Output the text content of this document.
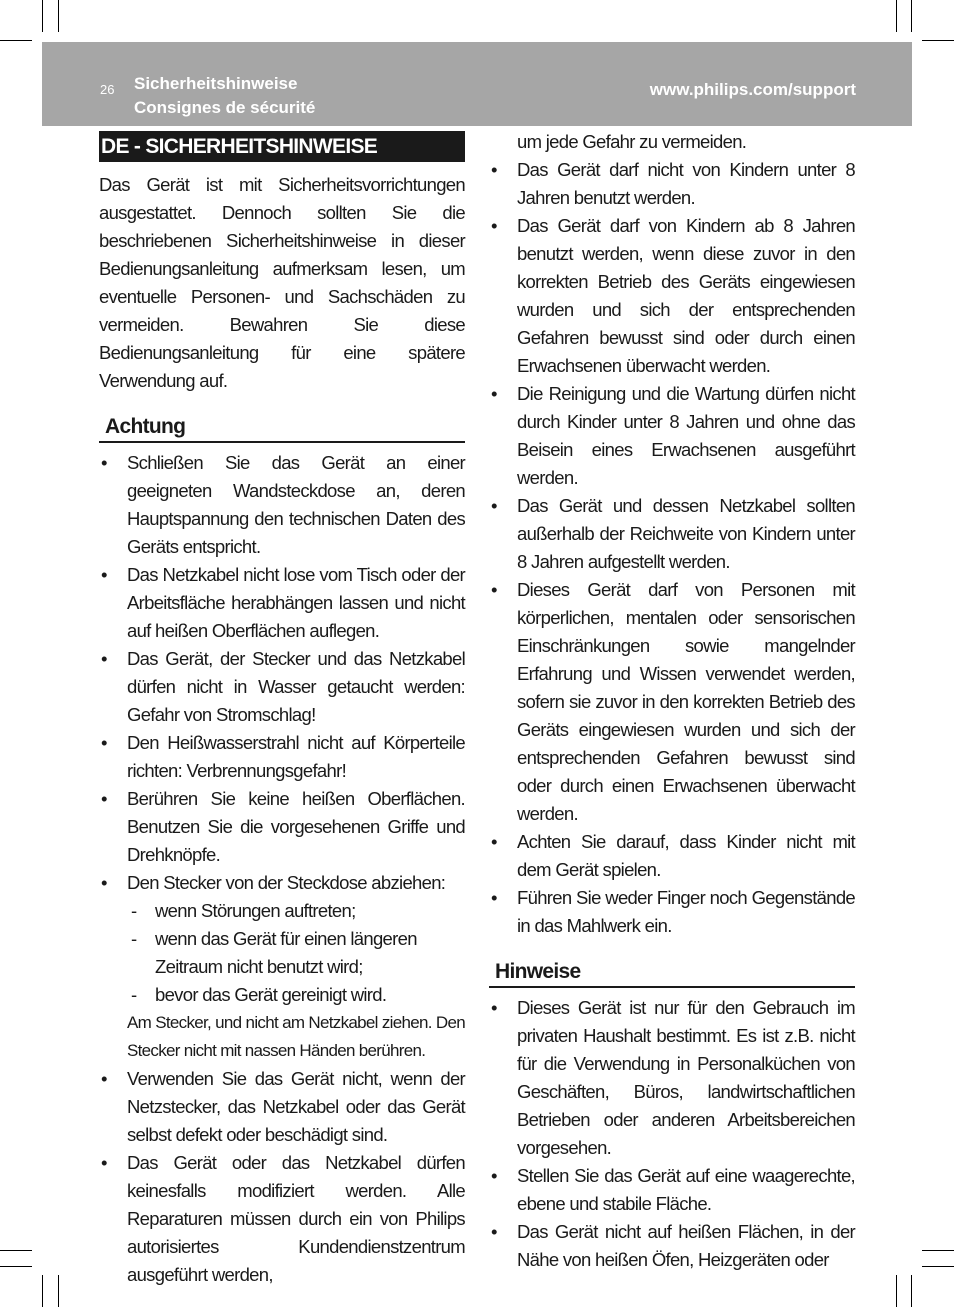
26 Sicherheitshinweise
Consignes de sécurité
www.philips.com/support
DE - SICHERHEITSHINWEISE

Das Gerät ist mit Sicherheitsvorrichtungen ausgestattet. Dennoch sollten Sie die beschriebenen Sicherheitshinweise in dieser Bedienungsanleitung aufmerksam lesen, um eventuelle Personen- und Sachschäden zu vermeiden. Bewahren Sie diese Bedienungsanleitung für eine spätere Verwendung auf.

Achtung
• Schließen Sie das Gerät an einer geeigneten Wandsteckdose an, deren Hauptspannung den technischen Daten des Geräts entspricht.
• Das Netzkabel nicht lose vom Tisch oder der Arbeitsfläche herabhängen lassen und nicht auf heißen Oberflächen auflegen.
• Das Gerät, der Stecker und das Netzkabel dürfen nicht in Wasser getaucht werden: Gefahr von Stromschlag!
• Den Heißwasserstrahl nicht auf Körperteile richten: Verbrennungsgefahr!
• Berühren Sie keine heißen Oberflächen. Benutzen Sie die vorgesehenen Griffe und Drehknöpfe.
• Den Stecker von der Steckdose abziehen:
- wenn Störungen auftreten;
- wenn das Gerät für einen längeren Zeitraum nicht benutzt wird;
- bevor das Gerät gereinigt wird.
Am Stecker, und nicht am Netzkabel ziehen. Den Stecker nicht mit nassen Händen berühren.
• Verwenden Sie das Gerät nicht, wenn der Netzstecker, das Netzkabel oder das Gerät selbst defekt oder beschädigt sind.
• Das Gerät oder das Netzkabel dürfen keinesfalls modifiziert werden. Alle Reparaturen müssen durch ein von Philips autorisiertes Kundendienstzentrum ausgeführt werden,
um jede Gefahr zu vermeiden.
• Das Gerät darf nicht von Kindern unter 8 Jahren benutzt werden.
• Das Gerät darf von Kindern ab 8 Jahren benutzt werden, wenn diese zuvor in den korrekten Betrieb des Geräts eingewiesen wurden und sich der entsprechenden Gefahren bewusst sind oder durch einen Erwachsenen überwacht werden.
• Die Reinigung und die Wartung dürfen nicht durch Kinder unter 8 Jahren und ohne das Beisein eines Erwachsenen ausgeführt werden.
• Das Gerät und dessen Netzkabel sollten außerhalb der Reichweite von Kindern unter 8 Jahren aufgestellt werden.
• Dieses Gerät darf von Personen mit körperlichen, mentalen oder sensorischen Einschränkungen sowie mangelnder Erfahrung und Wissen verwendet werden, sofern sie zuvor in den korrekten Betrieb des Geräts eingewiesen wurden und sich der entsprechenden Gefahren bewusst sind oder durch einen Erwachsenen überwacht werden.
• Achten Sie darauf, dass Kinder nicht mit dem Gerät spielen.
• Führen Sie weder Finger noch Gegenstände in das Mahlwerk ein.
Hinweise
• Dieses Gerät ist nur für den Gebrauch im privaten Haushalt bestimmt. Es ist z.B. nicht für die Verwendung in Personalküchen von Geschäften, Büros, landwirtschaftlichen Betrieben oder anderen Arbeitsbereichen vorgesehen.
• Stellen Sie das Gerät auf eine waagerechte, ebene und stabile Fläche.
• Das Gerät nicht auf heißen Flächen, in der Nähe von heißen Öfen, Heizgeräten oder
